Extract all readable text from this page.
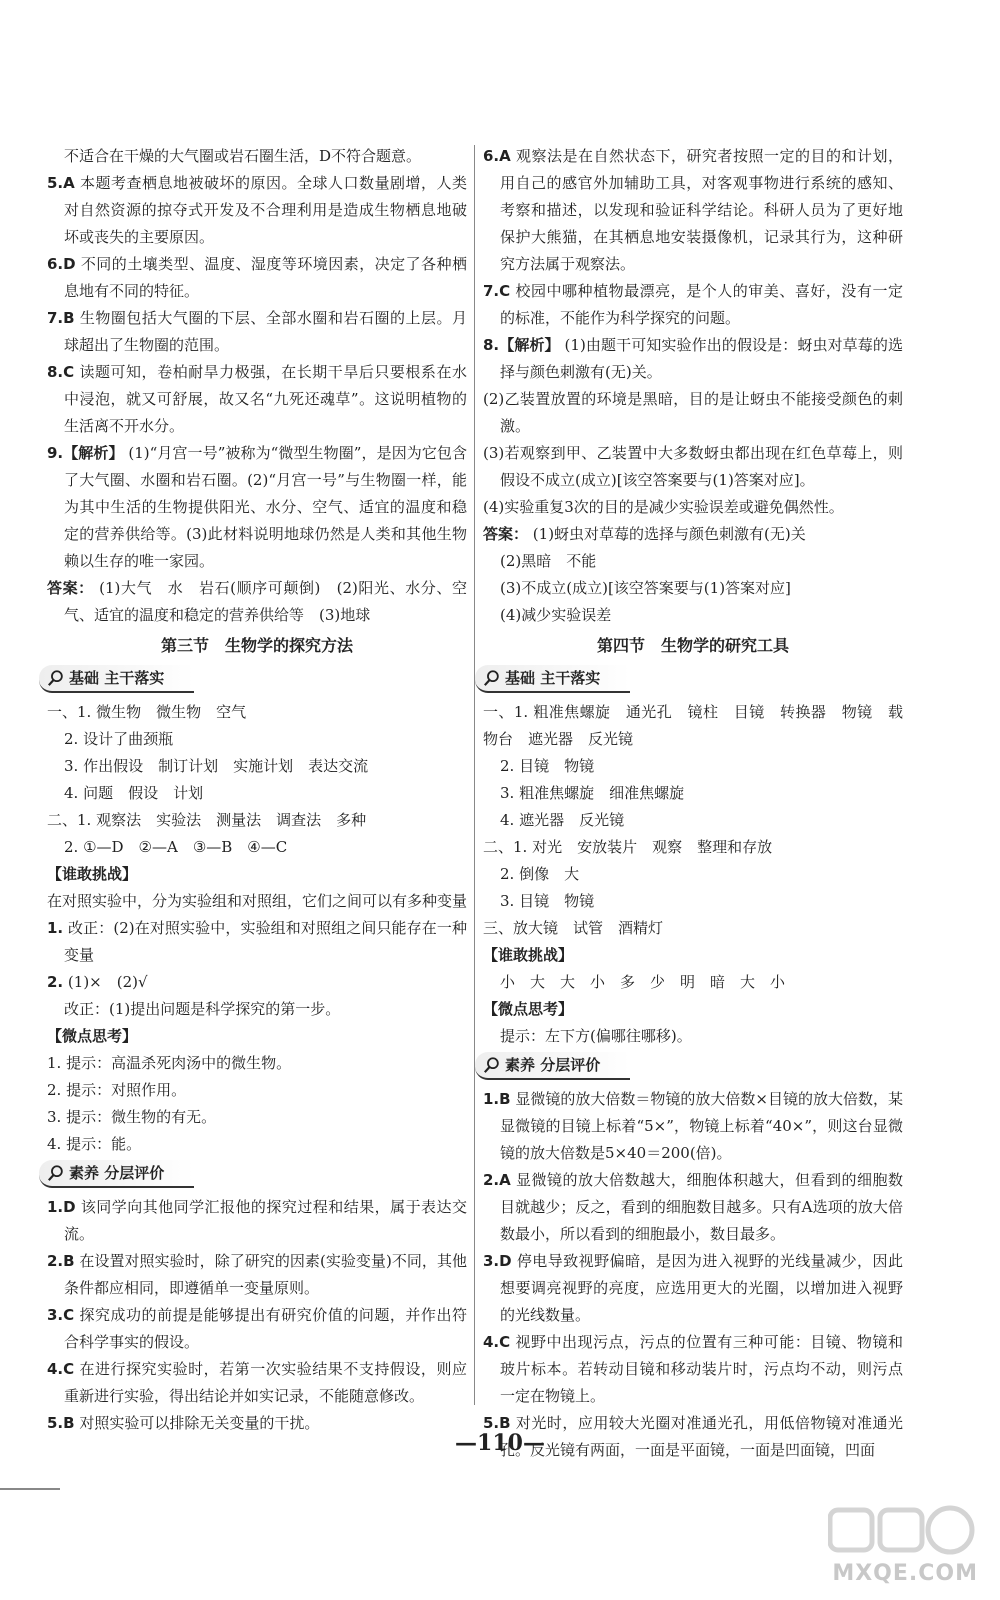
不适合在干燥的大气圈或岩石圈生活，D不符合题意。
5.A 本题考查栖息地被破坏的原因。全球人口数量剧增，人类对自然资源的掠夺式开发及不合理利用是造成生物栖息地破坏或丧失的主要原因。
6.D 不同的土壤类型、温度、湿度等环境因素，决定了各种栖息地有不同的特征。
7.B 生物圈包括大气圈的下层、全部水圈和岩石圈的上层。月球超出了生物圈的范围。
8.C 读题可知，卷柏耐旱力极强，在长期干旱后只要根系在水中浸泡，就又可舒展，故又名“九死还魂草”。这说明植物的生活离不开水分。
9.【解析】 (1)“月宫一号”被称为“微型生物圈”，是因为它包含了大气圈、水圈和岩石圈。(2)“月宫一号”与生物圈一样，能为其中生活的生物提供阳光、水分、空气、适宜的温度和稳定的营养供给等。(3)此材料说明地球仍然是人类和其他生物赖以生存的唯一家园。
答案： (1)大气　水　岩石(顺序可颠倒)　(2)阳光、水分、空气、适宜的温度和稳定的营养供给等　(3)地球
第三节　生物学的探究方法
基础 主干落实
一、1. 微生物　微生物　空气
2. 设计了曲颈瓶
3. 作出假设　制订计划　实施计划　表达交流
4. 问题　假设　计划
二、1. 观察法　实验法　测量法　调查法　多种
2. ①—D　②—A　③—B　④—C
【谁敢挑战】
在对照实验中，分为实验组和对照组，它们之间可以有多种变量
1. 改正：(2)在对照实验中，实验组和对照组之间只能存在一种变量
2. (1)×　(2)√
改正：(1)提出问题是科学探究的第一步。
【微点思考】
1. 提示：高温杀死肉汤中的微生物。
2. 提示：对照作用。
3. 提示：微生物的有无。
4. 提示：能。
素养 分层评价
1.D 该同学向其他同学汇报他的探究过程和结果，属于表达交流。
2.B 在设置对照实验时，除了研究的因素(实验变量)不同，其他条件都应相同，即遵循单一变量原则。
3.C 探究成功的前提是能够提出有研究价值的问题，并作出符合科学事实的假设。
4.C 在进行探究实验时，若第一次实验结果不支持假设，则应重新进行实验，得出结论并如实记录，不能随意修改。
5.B 对照实验可以排除无关变量的干扰。
6.A 观察法是在自然状态下，研究者按照一定的目的和计划，用自己的感官外加辅助工具，对客观事物进行系统的感知、考察和描述，以发现和验证科学结论。科研人员为了更好地保护大熊猫，在其栖息地安装摄像机，记录其行为，这种研究方法属于观察法。
7.C 校园中哪种植物最漂亮，是个人的审美、喜好，没有一定的标准，不能作为科学探究的问题。
8.【解析】 (1)由题干可知实验作出的假设是：蚜虫对草莓的选择与颜色刺激有(无)关。
(2)乙装置放置的环境是黑暗，目的是让蚜虫不能接受颜色的刺激。
(3)若观察到甲、乙装置中大多数蚜虫都出现在红色草莓上，则假设不成立(成立)[该空答案要与(1)答案对应]。
(4)实验重复3次的目的是减少实验误差或避免偶然性。
答案： (1)蚜虫对草莓的选择与颜色刺激有(无)关
(2)黑暗　不能
(3)不成立(成立)[该空答案要与(1)答案对应]
(4)减少实验误差
第四节　生物学的研究工具
基础 主干落实
一、1. 粗准焦螺旋　通光孔　镜柱　目镜　转换器　物镜　载物台　遮光器　反光镜
2. 目镜　物镜
3. 粗准焦螺旋　细准焦螺旋
4. 遮光器　反光镜
二、1. 对光　安放装片　观察　整理和存放
2. 倒像　大
3. 目镜　物镜
三、放大镜　试管　酒精灯
【谁敢挑战】
小　大　大　小　多　少　明　暗　大　小
【微点思考】
提示：左下方(偏哪往哪移)。
素养 分层评价
1.B 显微镜的放大倍数＝物镜的放大倍数×目镜的放大倍数，某显微镜的目镜上标着“5×”，物镜上标着“40×”，则这台显微镜的放大倍数是5×40＝200(倍)。
2.A 显微镜的放大倍数越大，细胞体积越大，但看到的细胞数目就越少；反之，看到的细胞数目越多。只有A选项的放大倍数最小，所以看到的细胞最小，数目最多。
3.D 停电导致视野偏暗，是因为进入视野的光线量减少，因此想要调亮视野的亮度，应选用更大的光圈，以增加进入视野的光线数量。
4.C 视野中出现污点，污点的位置有三种可能：目镜、物镜和玻片标本。若转动目镜和移动装片时，污点均不动，则污点一定在物镜上。
5.B 对光时，应用较大光圈对准通光孔，用低倍物镜对准通光孔。反光镜有两面，一面是平面镜，一面是凹面镜，凹面
—110—
MXQE.COM
